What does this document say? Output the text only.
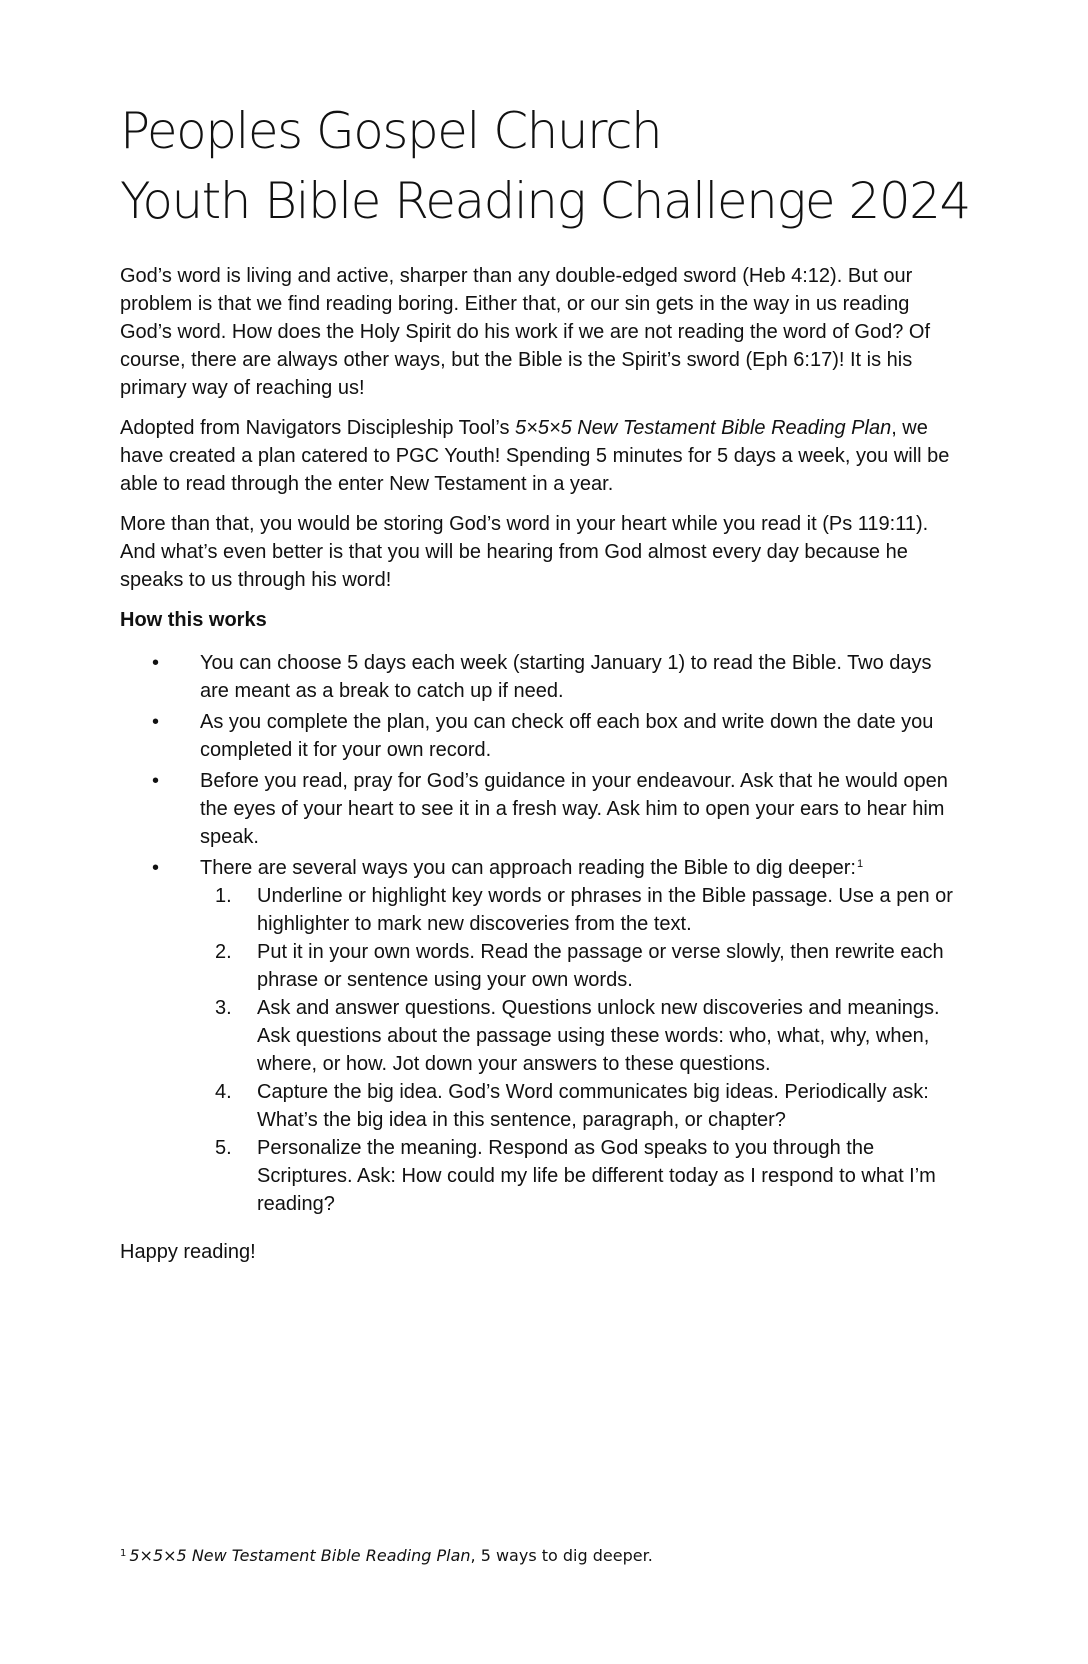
Peoples Gospel Church
Youth Bible Reading Challenge 2024

God’s word is living and active, sharper than any double-edged sword (Heb 4:12). But our problem is that we find reading boring. Either that, or our sin gets in the way in us reading God’s word. How does the Holy Spirit do his work if we are not reading the word of God? Of course, there are always other ways, but the Bible is the Spirit’s sword (Eph 6:17)! It is his primary way of reaching us!

Adopted from Navigators Discipleship Tool’s 5×5×5 New Testament Bible Reading Plan, we have created a plan catered to PGC Youth! Spending 5 minutes for 5 days a week, you will be able to read through the enter New Testament in a year.

More than that, you would be storing God’s word in your heart while you read it (Ps 119:11). And what’s even better is that you will be hearing from God almost every day because he speaks to us through his word!

How this works

• You can choose 5 days each week (starting January 1) to read the Bible. Two days are meant as a break to catch up if need.
• As you complete the plan, you can check off each box and write down the date you completed it for your own record.
• Before you read, pray for God’s guidance in your endeavour. Ask that he would open the eyes of your heart to see it in a fresh way. Ask him to open your ears to hear him speak.
• There are several ways you can approach reading the Bible to dig deeper:$^1$
1. Underline or highlight key words or phrases in the Bible passage. Use a pen or highlighter to mark new discoveries from the text.
2. Put it in your own words. Read the passage or verse slowly, then rewrite each phrase or sentence using your own words.
3. Ask and answer questions. Questions unlock new discoveries and meanings. Ask questions about the passage using these words: who, what, why, when, where, or how. Jot down your answers to these questions.
4. Capture the big idea. God’s Word communicates big ideas. Periodically ask: What’s the big idea in this sentence, paragraph, or chapter?
5. Personalize the meaning. Respond as God speaks to you through the Scriptures. Ask: How could my life be different today as I respond to what I’m reading?

Happy reading!

$^1$ 5×5×5 New Testament Bible Reading Plan, 5 ways to dig deeper.
